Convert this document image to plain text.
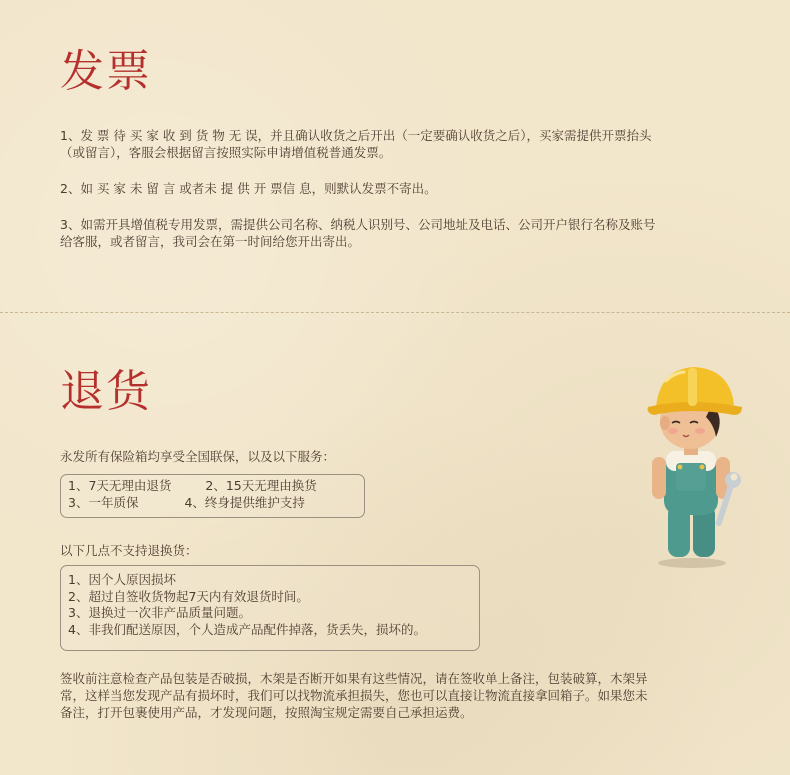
发票
1、发 票 待 买 家 收 到 货 物 无 误，并且确认收货之后开出（一定要确认收货之后），买家需提供开票抬头（或留言），客服会根据留言按照实际申请增值税普通发票。
2、如 买 家 未 留 言 或者未 提 供 开 票信 息，则默认发票不寄出。
3、如需开具增值税专用发票，需提供公司名称、纳税人识别号、公司地址及电话、公司开户银行名称及账号给客服，或者留言，我司会在第一时间给您开出寄出。
退货
永发所有保险箱均享受全国联保，以及以下服务：
1、7天无理由退货	2、15天无理由换货
3、一年质保	4、终身提供维护支持
以下几点不支持退换货：
1、因个人原因损坏
2、超过自签收货物起7天内有效退货时间。
3、退换过一次非产品质量问题。
4、非我们配送原因，个人造成产品配件掉落，货丢失，损坏的。
签收前注意检查产品包装是否破损，木架是否断开如果有这些情况，请在签收单上备注，包装破算，木架异常，这样当您发现产品有损坏时，我们可以找物流承担损失，您也可以直接让物流直接拿回箱子。如果您未备注，打开包裹使用产品，才发现问题，按照淘宝规定需要自己承担运费。
